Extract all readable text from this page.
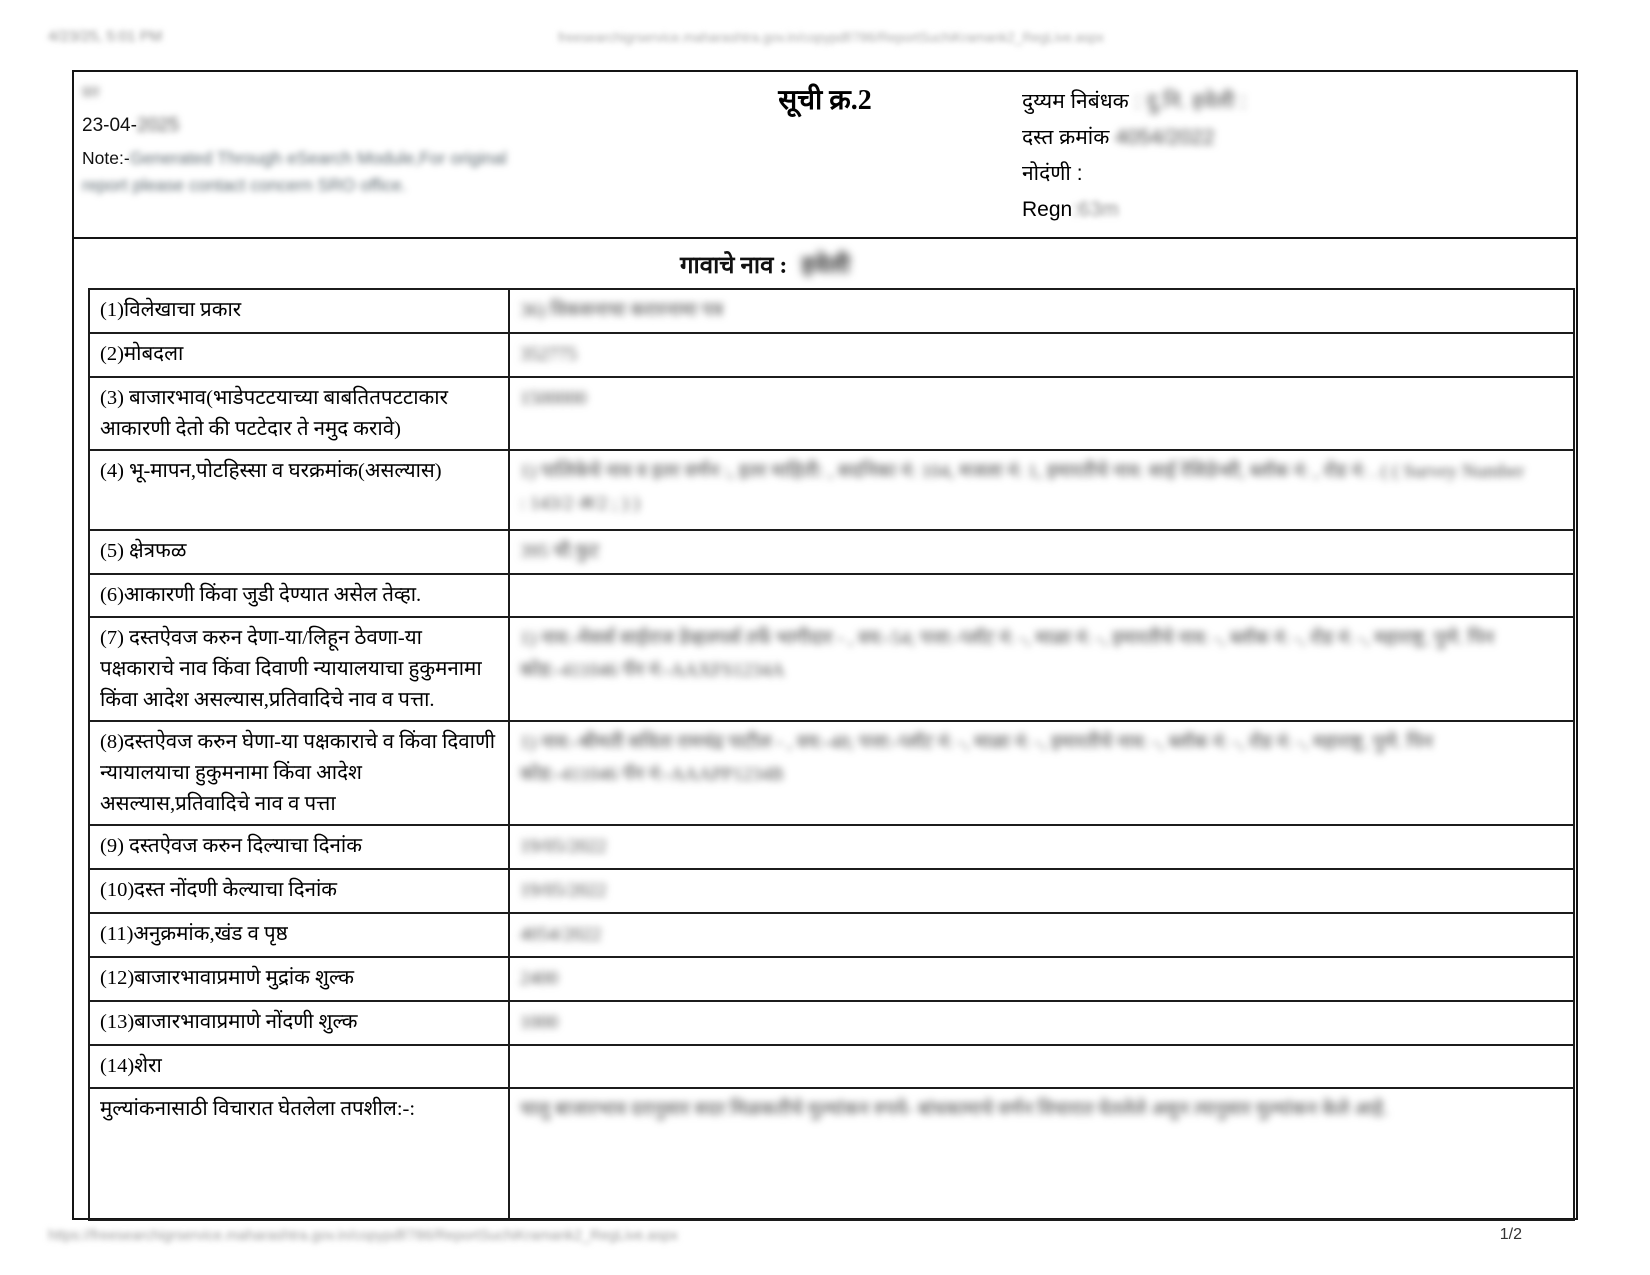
4/23/25, 5:01 PM	freesearchigrservice.maharashtra.gov.in/copypdf/786/ReportSuchiKramank2_RegLive.aspx
प्रत
23-04-2025
Note:-Generated Through eSearch Module,For original report please contact concern SRO office.
सूची क्र.2	दुय्यम निबंधक : दु.नि. हवेली :
दस्त क्रमांक 4054/2022
नोदंणी :
Regn:63m
गावाचे नाव : हवेली
(1)विलेखाचा प्रकार	36) विकसनाचा करारनामा पत्र
(2)मोबदला	352775
(3) बाजारभाव(भाडेपटटयाच्या बाबतितपटटाकार आकारणी देतो की पटटेदार ते नमुद करावे)	1500000
(4) भू-मापन,पोटहिस्सा व घरक्रमांक(असल्यास)	1) पालिकेचे नाव व इतर वर्णन :, इतर माहिती: , सदनिका नं: 104, मजला नं: 1, इमारतीचे नाव: साई रेसिडेन्सी, ब्लॉक नं: , रोड नं: . ( ( Survey Number : 143/2 अ/2 ; ) )
(5) क्षेत्रफळ	395 चौ.फुट
(6)आकारणी किंवा जुडी देण्यात असेल तेव्हा.	
(7) दस्तऐवज करुन देणा-या/लिहून ठेवणा-या पक्षकाराचे नाव किंवा दिवाणी न्यायालयाचा हुकुमनामा किंवा आदेश असल्यास,प्रतिवादिचे नाव व पत्ता.	1) नाव:-मेसर्स साईराज डेव्हलपर्स तर्फे भागीदार - , वय:-54; पत्ता:-प्लॉट नं: -, माळा नं: -, इमारतीचे नाव: -, ब्लॉक नं: -, रोड नं: -, महाराष्ट्र, पुणे. पिन कोड:-411046 पॅन नं:-AAXFS1234A
(8)दस्तऐवज करुन घेणा-या पक्षकाराचे व किंवा दिवाणी न्यायालयाचा हुकुमनामा किंवा आदेश असल्यास,प्रतिवादिचे नाव व पत्ता	1) नाव:-श्रीमती सविता रामचंद्र पाटील - , वय:-48; पत्ता:-प्लॉट नं: -, माळा नं: -, इमारतीचे नाव: -, ब्लॉक नं: -, रोड नं: -, महाराष्ट्र, पुणे. पिन कोड:-411046 पॅन नं:-AAAPP1234B
(9) दस्तऐवज करुन दिल्याचा दिनांक	19/05/2022
(10)दस्त नोंदणी केल्याचा दिनांक	19/05/2022
(11)अनुक्रमांक,खंड व पृष्ठ	4054/2022
(12)बाजारभावाप्रमाणे मुद्रांक शुल्क	2400
(13)बाजारभावाप्रमाणे नोंदणी शुल्क	1000
(14)शेरा	
मुल्यांकनासाठी विचारात घेतलेला तपशील:-:	चालु बाजारभाव दरानुसार सदर मिळकतीचे मुल्यांकन रुपये- बांधकामाचे वर्णन विचारात घेतलेले असुन त्यानुसार मुल्यांकन केले आहे.
https://freesearchigrservice.maharashtra.gov.in/copypdf/786/ReportSuchiKramank2_RegLive.aspx	1/2
